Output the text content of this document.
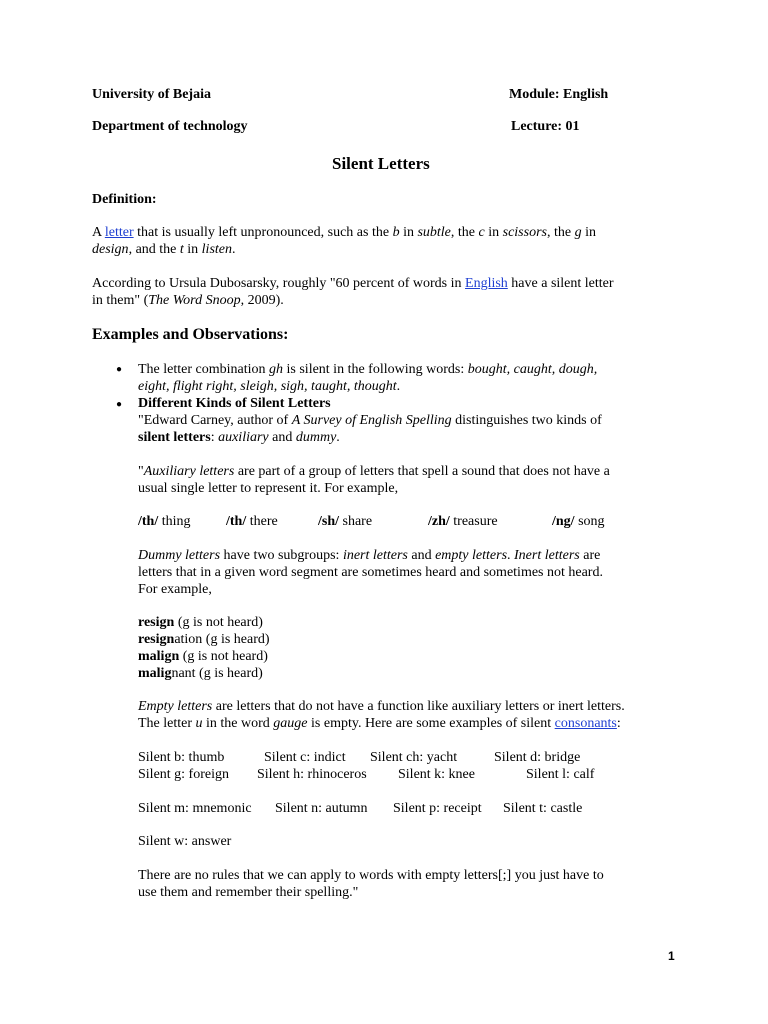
University of Bejaia	Module: English
Department of technology	Lecture: 01
Silent Letters
Definition:
A letter that is usually left unpronounced, such as the b in subtle, the c in scissors, the g in
design, and the t in listen.
According to Ursula Dubosarsky, roughly "60 percent of words in English have a silent letter
in them" (The Word Snoop, 2009).
Examples and Observations:
● The letter combination gh is silent in the following words: bought, caught, dough,
eight, flight right, sleigh, sigh, taught, thought.
● Different Kinds of Silent Letters
"Edward Carney, author of A Survey of English Spelling distinguishes two kinds of
silent letters: auxiliary and dummy.
"Auxiliary letters are part of a group of letters that spell a sound that does not have a
usual single letter to represent it. For example,
/th/ thing	/th/ there	/sh/ share	/zh/ treasure	/ng/ song
Dummy letters have two subgroups: inert letters and empty letters. Inert letters are
letters that in a given word segment are sometimes heard and sometimes not heard.
For example,
resign (g is not heard)
resignation (g is heard)
malign (g is not heard)
malignant (g is heard)
Empty letters are letters that do not have a function like auxiliary letters or inert letters.
The letter u in the word gauge is empty. Here are some examples of silent consonants:
Silent b: thumb	Silent c: indict Silent ch: yacht	Silent d: bridge
Silent g: foreign Silent h: rhinoceros Silent k: knee	Silent l: calf
Silent m: mnemonic Silent n: autumn Silent p: receipt Silent t: castle
Silent w: answer
There are no rules that we can apply to words with empty letters[;] you just have to
use them and remember their spelling."
1
